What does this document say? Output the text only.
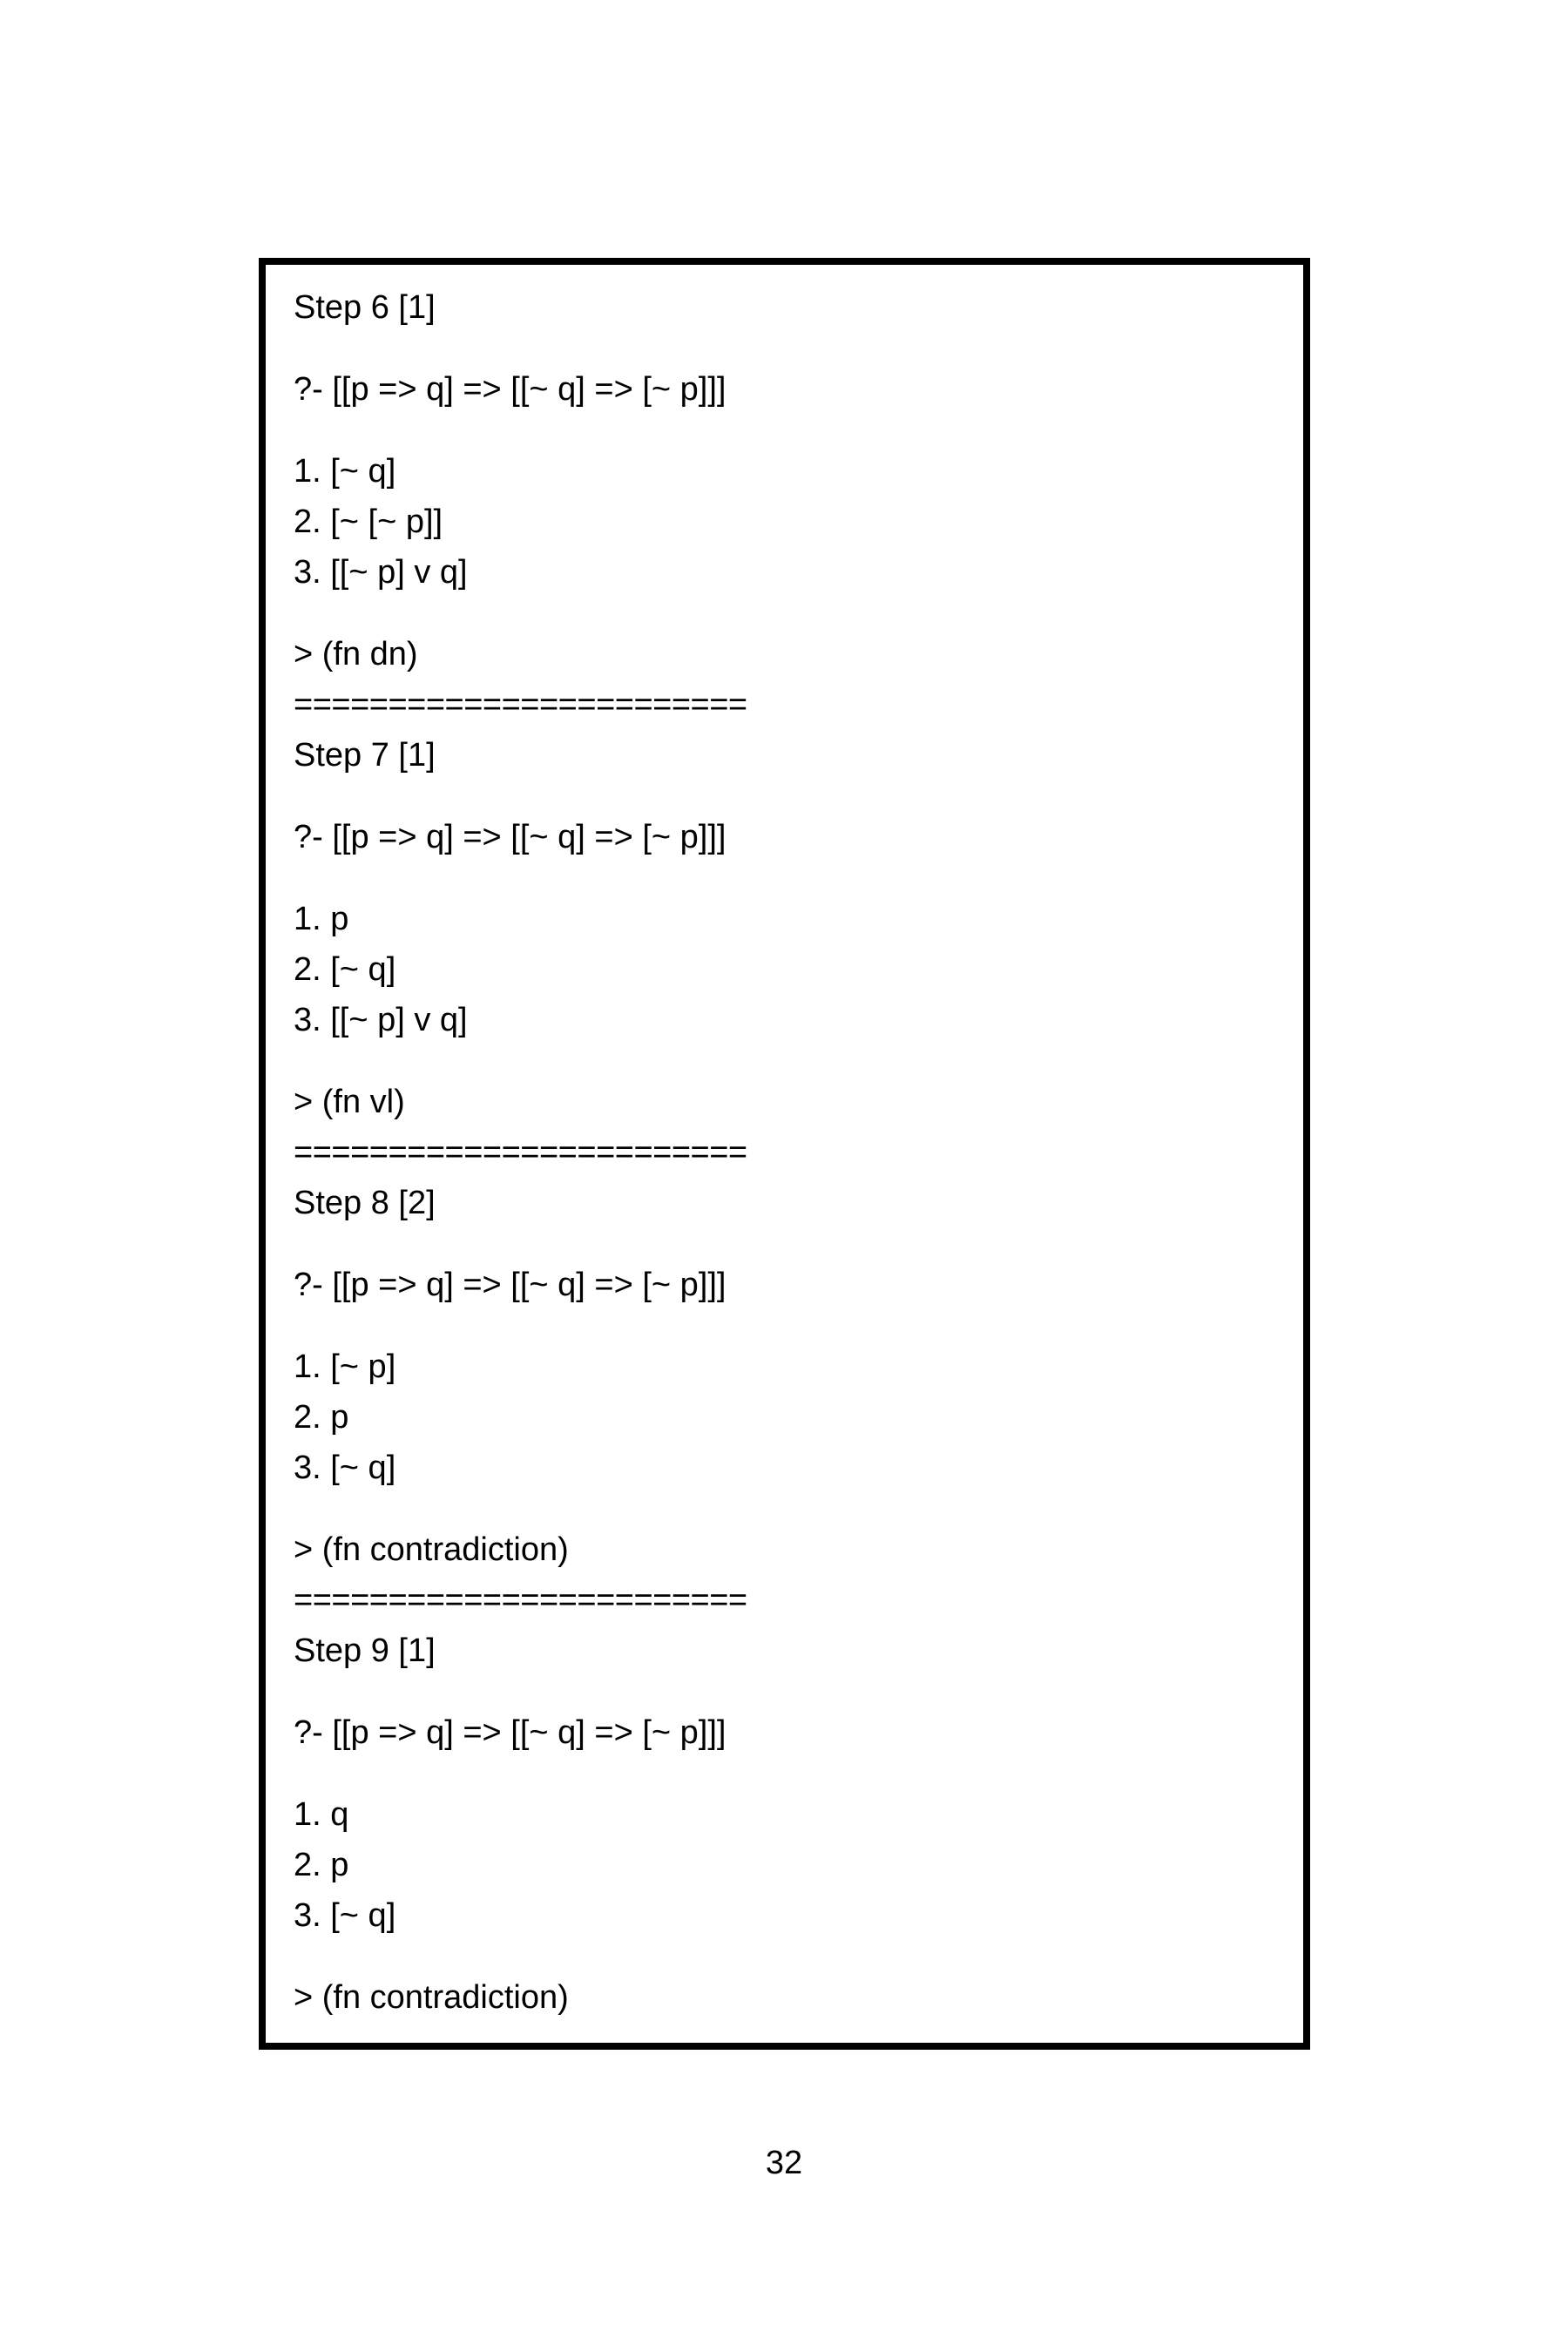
Step 6 [1]
?- [[p => q] => [[~ q] => [~ p]]]
1. [~ q]
2. [~ [~ p]]
3. [[~ p] v q]
> (fn dn)
========================
Step 7 [1]
?- [[p => q] => [[~ q] => [~ p]]]
1. p
2. [~ q]
3. [[~ p] v q]
> (fn vl)
========================
Step 8 [2]
?- [[p => q] => [[~ q] => [~ p]]]
1. [~ p]
2. p
3. [~ q]
> (fn contradiction)
========================
Step 9 [1]
?- [[p => q] => [[~ q] => [~ p]]]
1. q
2. p
3. [~ q]
> (fn contradiction)
32
